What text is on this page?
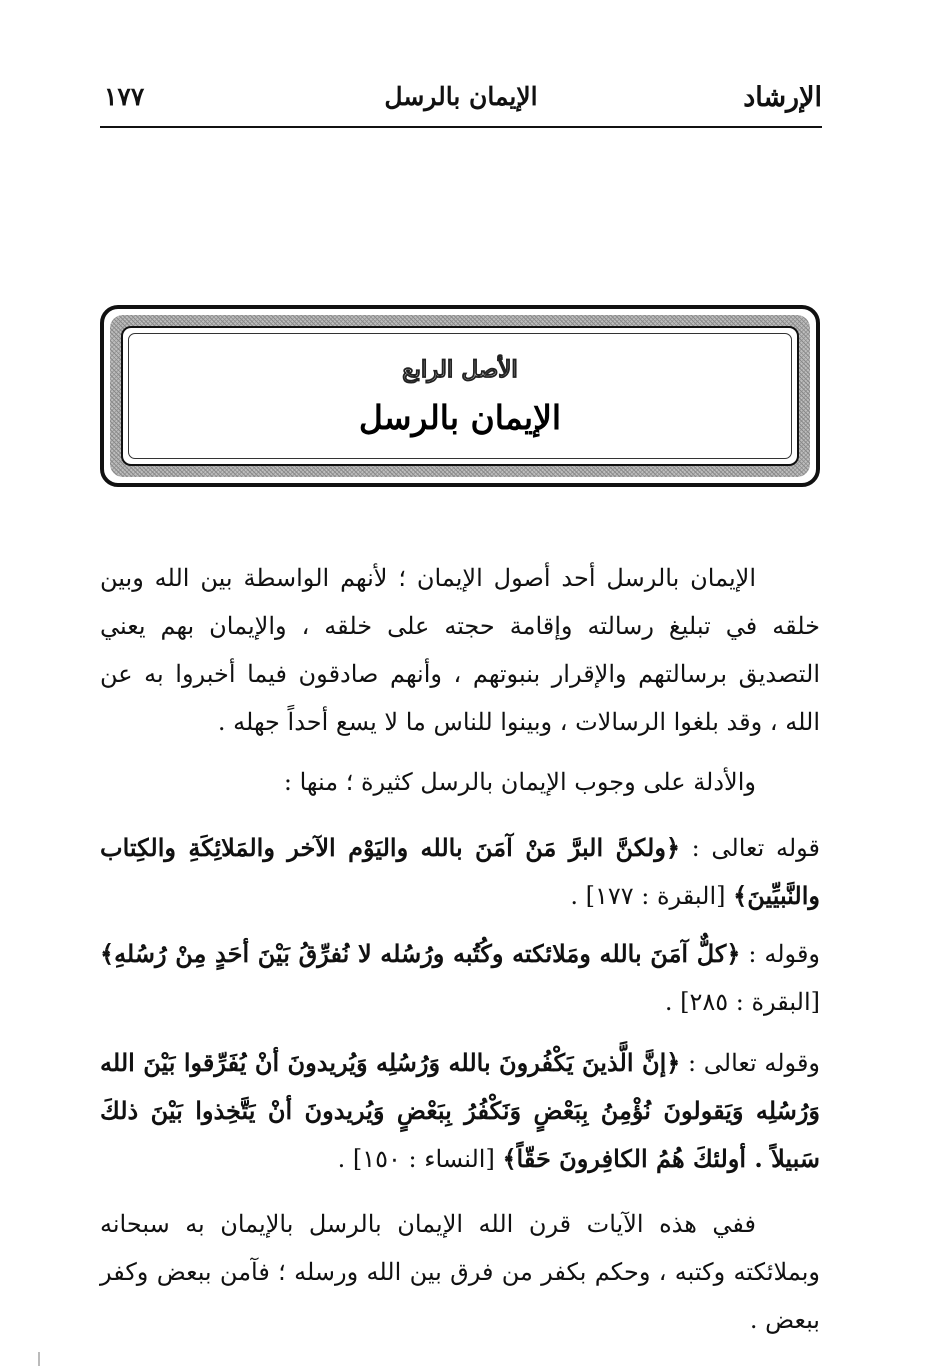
الإرشاد
الإيمان بالرسل
١٧٧
الأصل الرابع
الإيمان بالرسل

الإيمان بالرسل أحد أصول الإيمان ؛ لأنهم الواسطة بين الله وبين خلقه في تبليغ رسالته وإقامة حجته على خلقه ، والإيمان بهم يعني التصديق برسالتهم والإقرار بنبوتهم ، وأنهم صادقون فيما أخبروا به عن الله ، وقد بلغوا الرسالات ، وبينوا للناس ما لا يسع أحداً جهله .

والأدلة على وجوب الإيمان بالرسل كثيرة ؛ منها :

قوله تعالى : ﴿ولكنَّ البرَّ مَنْ آمَنَ بالله واليَوْم الآخر والمَلائِكَةِ والكِتاب والنَّبيِّينَ﴾ [البقرة : ١٧٧] .

وقوله : ﴿كلٌّ آمَنَ بالله ومَلائكته وكُتُبه ورُسُله لا نُفرِّقُ بَيْنَ أحَدٍ مِنْ رُسُلهِ﴾ [البقرة : ٢٨٥] .

وقوله تعالى : ﴿إنَّ الَّذينَ يَكْفُرونَ بالله وَرُسُلِه وَيُريدونَ أنْ يُفَرِّقوا بَيْنَ الله وَرُسُلِه وَيَقولونَ نُؤْمِنُ بِبَعْضٍ وَنَكْفُرُ بِبَعْضٍ وَيُريدونَ أنْ يَتَّخِذوا بَيْنَ ذلكَ سَبيلاً . أولئكَ هُمُ الكافِرونَ حَقّاً﴾ [النساء : ١٥٠] .

ففي هذه الآيات قرن الله الإيمان بالرسل بالإيمان به سبحانه وبملائكته وكتبه ، وحكم بكفر من فرق بين الله ورسله ؛ فآمن ببعض وكفر ببعض .
